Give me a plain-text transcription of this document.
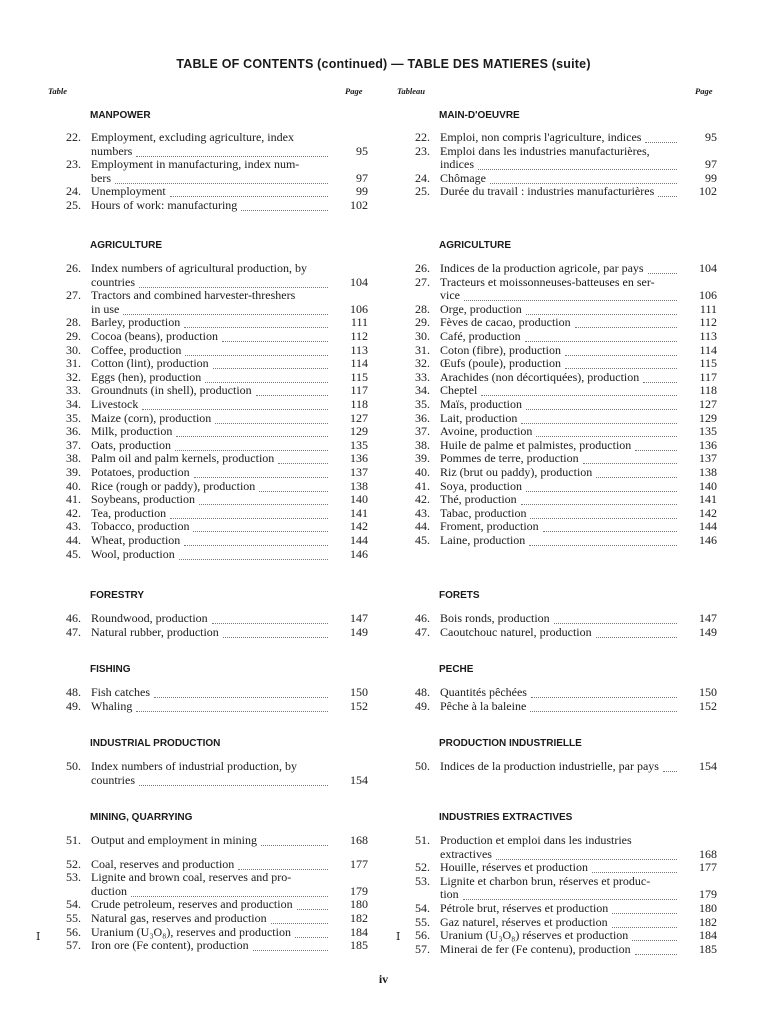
TABLE OF CONTENTS (continued) — TABLE DES MATIERES (suite)
Table	Page	Tableau	Page
MANPOWER
22. Employment, excluding agriculture, index
numbers	95
23. Employment in manufacturing, index num-
bers	97
24. Unemployment	99
25. Hours of work: manufacturing	102
AGRICULTURE
26. Index numbers of agricultural production, by
countries	104
27. Tractors and combined harvester-threshers
in use	106
28. Barley, production	111
29. Cocoa (beans), production	112
30. Coffee, production	113
31. Cotton (lint), production	114
32. Eggs (hen), production	115
33. Groundnuts (in shell), production	117
34. Livestock	118
35. Maize (corn), production	127
36. Milk, production	129
37. Oats, production	135
38. Palm oil and palm kernels, production	136
39. Potatoes, production	137
40. Rice (rough or paddy), production	138
41. Soybeans, production	140
42. Tea, production	141
43. Tobacco, production	142
44. Wheat, production	144
45. Wool, production	146
FORESTRY
46. Roundwood, production	147
47. Natural rubber, production	149
FISHING
48. Fish catches	150
49. Whaling	152
INDUSTRIAL PRODUCTION
50. Index numbers of industrial production, by
countries	154
MINING, QUARRYING
51. Output and employment in mining	168
52. Coal, reserves and production	177
53. Lignite and brown coal, reserves and pro-
duction	179
54. Crude petroleum, reserves and production	180
55. Natural gas, reserves and production	182
56. Uranium (U₃O₈), reserves and production	184
57. Iron ore (Fe content), production	185
MAIN-D'OEUVRE
22. Emploi, non compris l'agriculture, indices	95
23. Emploi dans les industries manufacturières,
indices	97
24. Chômage	99
25. Durée du travail : industries manufacturières	102
AGRICULTURE
26. Indices de la production agricole, par pays	104
27. Tracteurs et moissonneuses-batteuses en ser-
vice	106
28. Orge, production	111
29. Fèves de cacao, production	112
30. Café, production	113
31. Coton (fibre), production	114
32. Œufs (poule), production	115
33. Arachides (non décortiquées), production	117
34. Cheptel	118
35. Maïs, production	127
36. Lait, production	129
37. Avoine, production	135
38. Huile de palme et palmistes, production	136
39. Pommes de terre, production	137
40. Riz (brut ou paddy), production	138
41. Soya, production	140
42. Thé, production	141
43. Tabac, production	142
44. Froment, production	144
45. Laine, production	146
FORETS
46. Bois ronds, production	147
47. Caoutchouc naturel, production	149
PECHE
48. Quantités pêchées	150
49. Pêche à la baleine	152
PRODUCTION INDUSTRIELLE
50. Indices de la production industrielle, par pays	154
INDUSTRIES EXTRACTIVES
51. Production et emploi dans les industries
extractives	168
52. Houille, réserves et production	177
53. Lignite et charbon brun, réserves et produc-
tion	179
54. Pétrole brut, réserves et production	180
55. Gaz naturel, réserves et production	182
56. Uranium (U₃O₈) réserves et production	184
57. Minerai de fer (Fe contenu), production	185
Ⅰ	Ⅰ
iv
